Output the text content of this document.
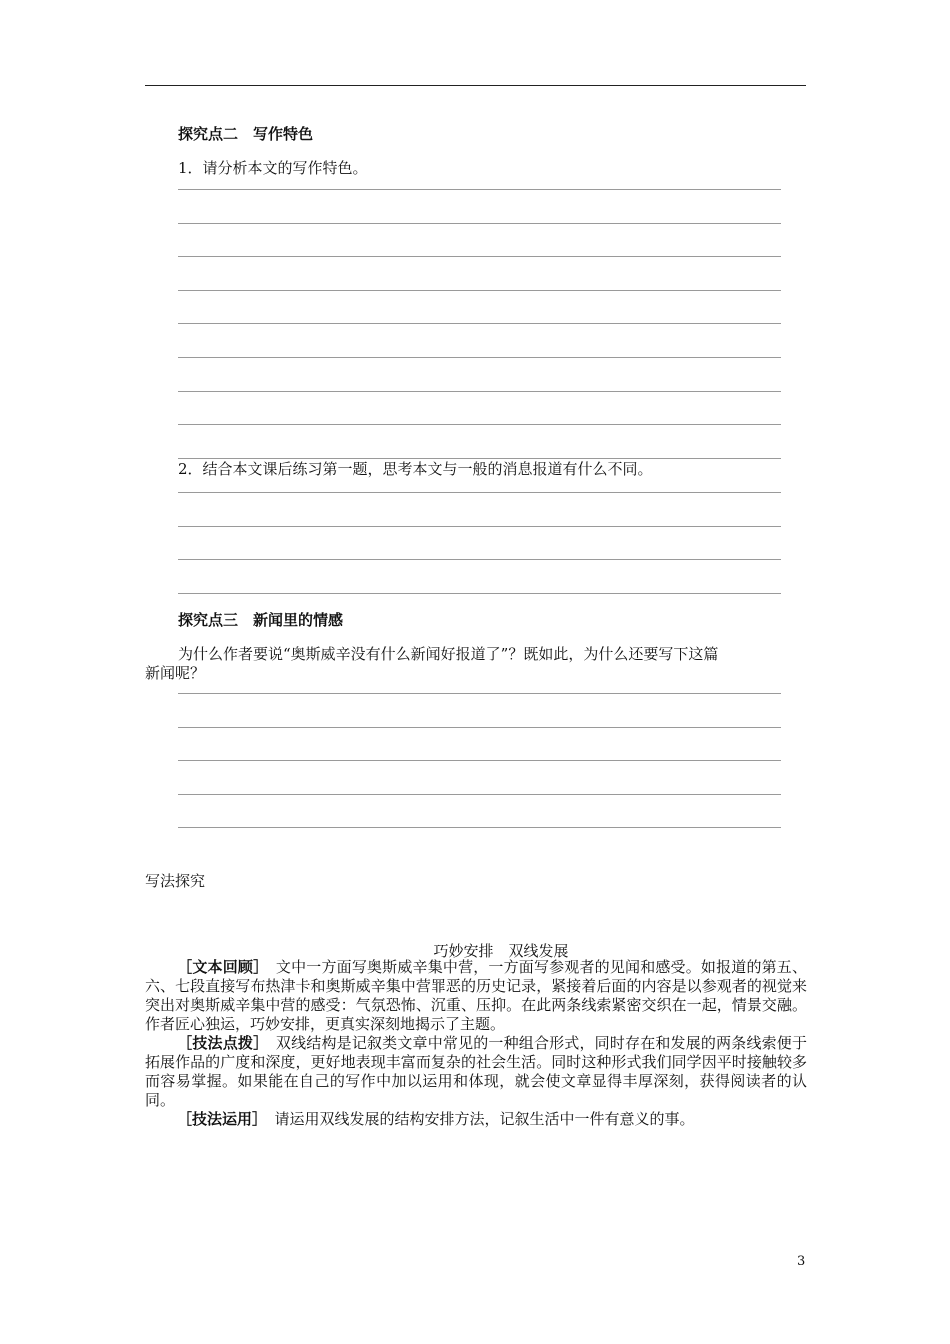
探究点二　写作特色
1．请分析本文的写作特色。
2．结合本文课后练习第一题，思考本文与一般的消息报道有什么不同。
探究点三　新闻里的情感
为什么作者要说“奥斯威辛没有什么新闻好报道了”？既如此，为什么还要写下这篇
新闻呢？
写法探究
巧妙安排　双线发展
［文本回顾］　文中一方面写奥斯威辛集中营，一方面写参观者的见闻和感受。如报道的第五、六、七段直接写布热津卡和奥斯威辛集中营罪恶的历史记录，紧接着后面的内容是以参观者的视觉来突出对奥斯威辛集中营的感受：气氛恐怖、沉重、压抑。在此两条线索紧密交织在一起，情景交融。作者匠心独运，巧妙安排，更真实深刻地揭示了主题。
［技法点拨］　双线结构是记叙类文章中常见的一种组合形式，同时存在和发展的两条线索便于拓展作品的广度和深度，更好地表现丰富而复杂的社会生活。同时这种形式我们同学因平时接触较多而容易掌握。如果能在自己的写作中加以运用和体现，就会使文章显得丰厚深刻，获得阅读者的认同。
［技法运用］　请运用双线发展的结构安排方法，记叙生活中一件有意义的事。
3
